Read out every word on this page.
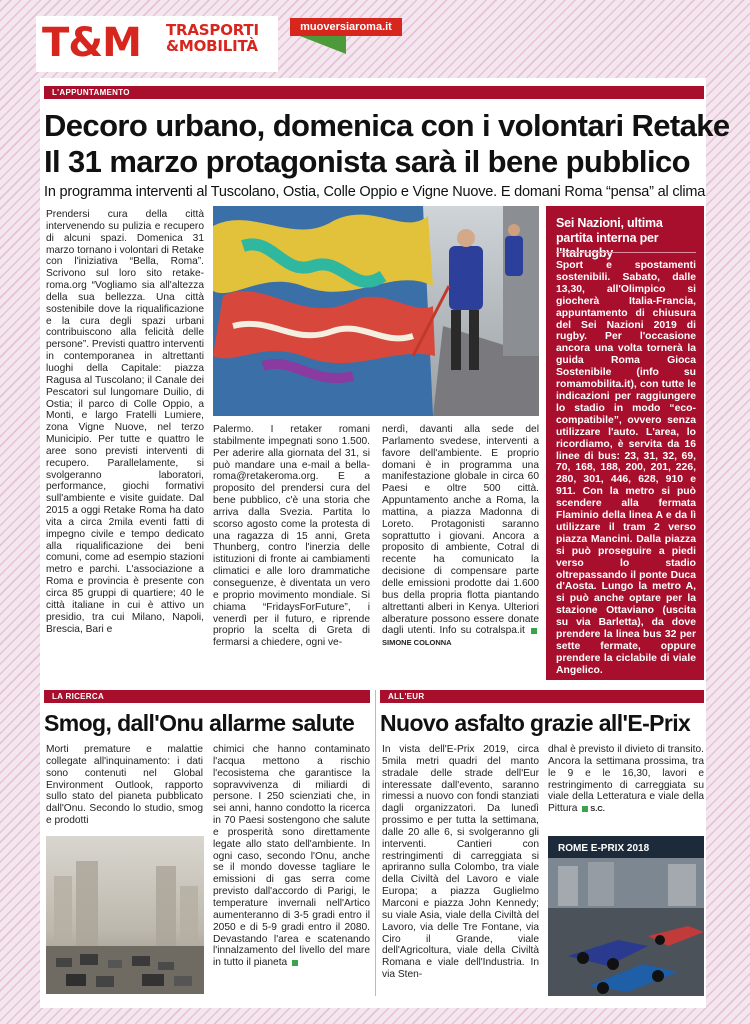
T&M TRASPORTI
&MOBILITÀ
muoversiaroma.it
L'APPUNTAMENTO
Decoro urbano, domenica con i volontari Retake
Il 31 marzo protagonista sarà il bene pubblico
In programma interventi al Tuscolano, Ostia, Colle Oppio e Vigne Nuove. E domani Roma “pensa” al clima

Prendersi cura della città intervenendo su pulizia e recupero di alcuni spazi. Domenica 31 marzo tornano i volontari di Retake con l'iniziativa “Bella, Roma”. Scrivono sul loro sito retake-roma.org “Vogliamo sia all'altezza della sua bellezza. Una città sostenibile dove la riqualificazione e la cura degli spazi urbani contribuiscono alla felicità delle persone”. Previsti quattro interventi in contemporanea in altrettanti luoghi della Capitale: piazza Ragusa al Tuscolano; il Canale dei Pescatori sul lungomare Duilio, di Ostia; il parco di Colle Oppio, a Monti, e largo Fratelli Lumiere, zona Vigne Nuove, nel terzo Municipio. Per tutte e quattro le aree sono previsti interventi di recupero. Parallelamente, si svolgeranno laboratori, performance, giochi formativi sull'ambiente e visite guidate. Dal 2015 a oggi Retake Roma ha dato vita a circa 2mila eventi fatti di impegno civile e tempo dedicato alla riqualificazione dei beni comuni, come ad esempio stazioni metro e parchi. L'associazione a Roma e provincia è presente con circa 85 gruppi di quartiere; 40 le città italiane in cui è attivo un presidio, tra cui Milano, Napoli, Brescia, Bari e

Palermo. I retaker romani stabilmente impegnati sono 1.500. Per aderire alla giornata del 31, si può mandare una e-mail a bella-roma@retakeroma.org. E a proposito del prendersi cura del bene pubblico, c'è una storia che arriva dalla Svezia. Partita lo scorso agosto come la protesta di una ragazza di 15 anni, Greta Thunberg, contro l'inerzia delle istituzioni di fronte ai cambiamenti climatici e alle loro drammatiche conseguenze, è diventata un vero e proprio movimento mondiale. Si chiama “FridaysForFuture”, i venerdì per il futuro, e riprende proprio la scelta di Greta di fermarsi a chiedere, ogni ve-

nerdì, davanti alla sede del Parlamento svedese, interventi a favore dell'ambiente. E proprio domani è in programma una manifestazione globale in circa 60 Paesi e oltre 500 città. Appuntamento anche a Roma, la mattina, a piazza Madonna di Loreto. Protagonisti saranno soprattutto i giovani. Ancora a proposito di ambiente, Cotral di recente ha comunicato la decisione di compensare parte delle emissioni prodotte dai 1.600 bus della propria flotta piantando altrettanti alberi in Kenya. Ulteriori alberature possono essere donate dagli utenti. Info su cotralspa.it SIMONE COLONNA

Sei Nazioni, ultima partita interna per l'Italrugby
Sport e spostamenti sostenibili. Sabato, dalle 13,30, all'Olimpico si giocherà Italia-Francia, appuntamento di chiusura del Sei Nazioni 2019 di rugby. Per l'occasione ancora una volta tornerà la guida Roma Gioca Sostenibile (info su romamobilita.it), con tutte le indicazioni per raggiungere lo stadio in modo “eco-compatibile”, ovvero senza utilizzare l'auto. L'area, lo ricordiamo, è servita da 16 linee di bus: 23, 31, 32, 69, 70, 168, 188, 200, 201, 226, 280, 301, 446, 628, 910 e 911. Con la metro si può scendere alla fermata Flaminio della linea A e da lì utilizzare il tram 2 verso piazza Mancini. Dalla piazza si può proseguire a piedi verso lo stadio oltrepassando il ponte Duca d'Aosta. Lungo la metro A, si può anche optare per la stazione Ottaviano (uscita su via Barletta), da dove prendere la linea bus 32 per sette fermate, oppure prendere la ciclabile di viale Angelico.
LA RICERCA
Smog, dall'Onu allarme salute

Morti premature e malattie collegate all'inquinamento: i dati sono contenuti nel Global Environment Outlook, rapporto sullo stato del pianeta pubblicato dall'Onu. Secondo lo studio, smog e prodotti

chimici che hanno contaminato l'acqua mettono a rischio l'ecosistema che garantisce la sopravvivenza di miliardi di persone. I 250 scienziati che, in sei anni, hanno condotto la ricerca in 70 Paesi sostengono che salute e prosperità sono direttamente legate allo stato dell'ambiente. In ogni caso, secondo l'Onu, anche se il mondo dovesse tagliare le emissioni di gas serra come previsto dall'accordo di Parigi, le temperature invernali nell'Artico aumenteranno di 3-5 gradi entro il 2050 e di 5-9 gradi entro il 2080. Devastando l'area e scatenando l'innalzamento del livello del mare in tutto il pianeta

ALL'EUR
Nuovo asfalto grazie all'E-Prix

In vista dell'E-Prix 2019, circa 5mila metri quadri del manto stradale delle strade dell'Eur interessate dall'evento, saranno rimessi a nuovo con fondi stanziati dagli organizzatori. Da lunedì prossimo e per tutta la settimana, dalle 20 alle 6, si svolgeranno gli interventi. Cantieri con restringimenti di carreggiata si apriranno sulla Colombo, tra viale della Civiltà del Lavoro e viale Europa; a piazza Guglielmo Marconi e piazza John Kennedy; su viale Asia, viale della Civiltà del Lavoro, via delle Tre Fontane, via Ciro il Grande, viale dell'Agricoltura, viale della Civiltà Romana e viale dell'Industria. In via Sten-

dhal è previsto il divieto di transito. Ancora la settimana prossima, tra le 9 e le 16,30, lavori e restringimento di carreggiata su viale della Letteratura e viale della Pittura S.C.

ROME E-PRIX 2018
